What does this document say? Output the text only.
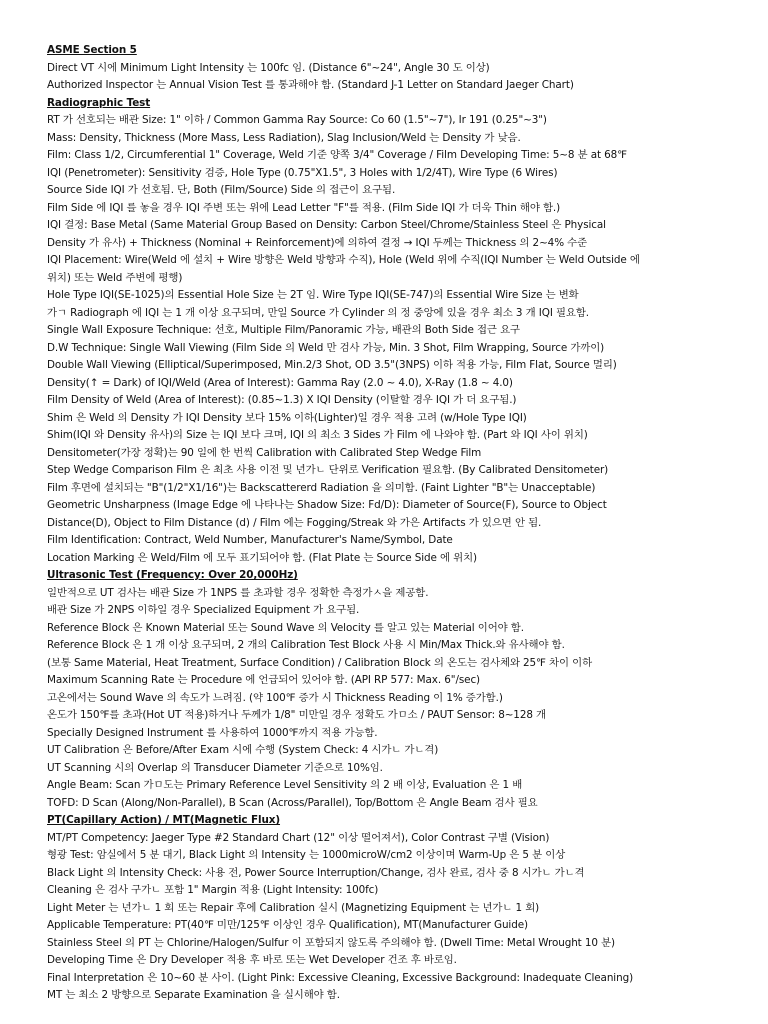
ASME Section 5
Direct VT 시에 Minimum Light Intensity 는 100fc 임. (Distance 6"~24", Angle 30 도 이상)
Authorized Inspector 는 Annual Vision Test 를 통과해야 함. (Standard J-1 Letter on Standard Jaeger Chart)
Radiographic Test
RT 가 선호되는 배관 Size: 1" 이하 / Common Gamma Ray Source: Co 60 (1.5"~7"), Ir 191 (0.25"~3")
Mass: Density, Thickness (More Mass, Less Radiation), Slag Inclusion/Weld 는 Density 가 낮음.
Film: Class 1/2, Circumferential 1" Coverage, Weld 기준 양쪽 3/4" Coverage / Film Developing Time: 5~8 분 at 68℉
IQI (Penetrometer): Sensitivity 검증, Hole Type (0.75"X1.5", 3 Holes with 1/2/4T), Wire Type (6 Wires)
Source Side IQI 가 선호됨. 단, Both (Film/Source) Side 의 접근이 요구됨.
Film Side 에 IQI 를 놓을 경우 IQI 주변 또는 위에 Lead Letter "F"를 적용. (Film Side IQI 가 더욱 Thin 해야 함.)
IQI 결정: Base Metal (Same Material Group Based on Density: Carbon Steel/Chrome/Stainless Steel 은 Physical
Density 가 유사) + Thickness (Nominal + Reinforcement)에 의하여 결정 → IQI 두께는 Thickness 의 2~4% 수준
IQI Placement: Wire(Weld 에 설치 + Wire 방향은 Weld 방향과 수직), Hole (Weld 위에 수직(IQI Number 는 Weld Outside 에
위치) 또는 Weld 주변에 평행)
Hole Type IQI(SE-1025)의 Essential Hole Size 는 2T 임. Wire Type IQI(SE-747)의 Essential Wire Size 는 변화
가ㄱ Radiograph 에 IQI 는 1 개 이상 요구되며, 만일 Source 가 Cylinder 의 정 중앙에 있을 경우 최소 3 개 IQI 필요함.
Single Wall Exposure Technique: 선호, Multiple Film/Panoramic 가능, 배관의 Both Side 접근 요구
D.W Technique: Single Wall Viewing (Film Side 의 Weld 만 검사 가능, Min. 3 Shot, Film Wrapping, Source 가까이)
Double Wall Viewing (Elliptical/Superimposed, Min.2/3 Shot, OD 3.5"(3NPS) 이하 적용 가능, Film Flat, Source 멀리)
Density(↑ = Dark) of IQI/Weld (Area of Interest): Gamma Ray (2.0 ~ 4.0), X-Ray (1.8 ~ 4.0)
Film Density of Weld (Area of Interest): (0.85~1.3) X IQI Density (이탈할 경우 IQI 가 더 요구됨.)
Shim 은 Weld 의 Density 가 IQI Density 보다 15% 이하(Lighter)일 경우 적용 고려 (w/Hole Type IQI)
Shim(IQI 와 Density 유사)의 Size 는 IQI 보다 크며, IQI 의 최소 3 Sides 가 Film 에 나와야 함. (Part 와 IQI 사이 위치)
Densitometer(가장 정확)는 90 일에 한 번씩 Calibration with Calibrated Step Wedge Film
Step Wedge Comparison Film 은 최초 사용 이전 및 년가ㄴ 단위로 Verification 필요함. (By Calibrated Densitometer)
Film 후면에 설치되는 "B"(1/2"X1/16")는 Backscattererd Radiation 을 의미함. (Faint Lighter "B"는 Unacceptable)
Geometric Unsharpness (Image Edge 에 나타나는 Shadow Size: Fd/D): Diameter of Source(F), Source to Object
Distance(D), Object to Film Distance (d) / Film 에는 Fogging/Streak 와 가은 Artifacts 가 있으면 안 됨.
Film Identification: Contract, Weld Number, Manufacturer's Name/Symbol, Date
Location Marking 은 Weld/Film 에 모두 표기되어야 함. (Flat Plate 는 Source Side 에 위치)
Ultrasonic Test (Frequency: Over 20,000Hz)
일반적으로 UT 검사는 배관 Size 가 1NPS 를 초과할 경우 정확한 측정가ㅅ을 제공함.
배관 Size 가 2NPS 이하일 경우 Specialized Equipment 가 요구됨.
Reference Block 은 Known Material 또는 Sound Wave 의 Velocity 를 알고 있는 Material 이어야 함.
Reference Block 은 1 개 이상 요구되며, 2 개의 Calibration Test Block 사용 시 Min/Max Thick.와 유사해야 함.
(보통 Same Material, Heat Treatment, Surface Condition) / Calibration Block 의 온도는 검사체와 25℉ 차이 이하
Maximum Scanning Rate 는 Procedure 에 언급되어 있어야 함. (API RP 577: Max. 6"/sec)
고온에서는 Sound Wave 의 속도가 느려짐. (약 100℉ 증가 시 Thickness Reading 이 1% 증가함.)
온도가 150℉를 초과(Hot UT 적용)하거나 두께가 1/8" 미만일 경우 정확도 가ㅁ소 / PAUT Sensor: 8~128 개
Specially Designed Instrument 를 사용하여 1000℉까지 적용 가능함.
UT Calibration 은 Before/After Exam 시에 수행 (System Check: 4 시가ㄴ 가ㄴ격)
UT Scanning 시의 Overlap 의 Transducer Diameter 기준으로 10%임.
Angle Beam: Scan 가ㅁ도는 Primary Reference Level Sensitivity 의 2 배 이상, Evaluation 은 1 배
TOFD: D Scan (Along/Non-Parallel), B Scan (Across/Parallel), Top/Bottom 은 Angle Beam 검사 필요
PT(Capillary Action) / MT(Magnetic Flux)
MT/PT Competency: Jaeger Type #2 Standard Chart (12" 이상 떨어져서), Color Contrast 구별 (Vision)
형광 Test: 암실에서 5 분 대기, Black Light 의 Intensity 는 1000microW/cm2 이상이며 Warm-Up 은 5 분 이상
Black Light 의 Intensity Check: 사용 전, Power Source Interruption/Change, 검사 완료, 검사 중 8 시가ㄴ 가ㄴ격
Cleaning 은 검사 구가ㄴ 포함 1" Margin 적용 (Light Intensity: 100fc)
Light Meter 는 년가ㄴ 1 회 또는 Repair 후에 Calibration 실시 (Magnetizing Equipment 는 년가ㄴ 1 회)
Applicable Temperature: PT(40℉ 미만/125℉ 이상인 경우 Qualification), MT(Manufacturer Guide)
Stainless Steel 의 PT 는 Chlorine/Halogen/Sulfur 이 포함되지 않도록 주의해야 함. (Dwell Time: Metal Wrought 10 분)
Developing Time 은 Dry Developer 적용 후 바로 또는 Wet Developer 건조 후 바로임.
Final Interpretation 은 10~60 분 사이. (Light Pink: Excessive Cleaning, Excessive Background: Inadequate Cleaning)
MT 는 최소 2 방향으로 Separate Examination 을 실시해야 함.
